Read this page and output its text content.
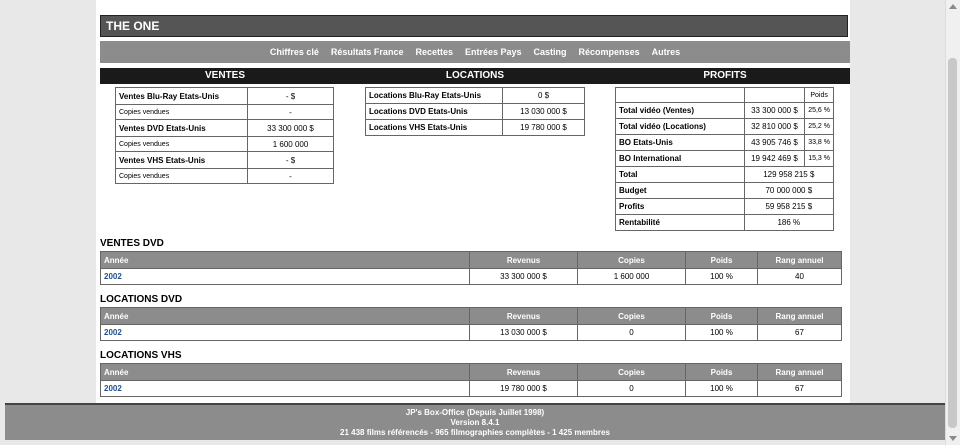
THE ONE
Chiffres clé Résultats France Recettes Entrées Pays Casting Récompenses Autres
VENTES	LOCATIONS	PROFITS
Ventes Blu-Ray Etats-Unis	- $
Copies vendues	-
Ventes DVD Etats-Unis	33 300 000 $
Copies vendues	1 600 000
Ventes VHS Etats-Unis	- $
Copies vendues	-
Locations Blu-Ray Etats-Unis	0 $
Locations DVD Etats-Unis	13 030 000 $
Locations VHS Etats-Unis	19 780 000 $
		Poids
Total vidéo (Ventes)	33 300 000 $	25,6 %
Total vidéo (Locations)	32 810 000 $	25,2 %
BO Etats-Unis	43 905 746 $	33,8 %
BO International	19 942 469 $	15,3 %
Total	129 958 215 $	
Budget	70 000 000 $	
Profits	59 958 215 $	
Rentabilité	186 %	
VENTES DVD
Année	Revenus	Copies	Poids	Rang annuel
2002	33 300 000 $	1 600 000	100 %	40
LOCATIONS DVD
Année	Revenus	Copies	Poids	Rang annuel
2002	13 030 000 $	0	100 %	67
LOCATIONS VHS
Année	Revenus	Copies	Poids	Rang annuel
2002	19 780 000 $	0	100 %	67
JP's Box-Office (Depuis Juillet 1998)
Version 8.4.1
21 438 films référencés - 965 filmographies complètes - 1 425 membres
